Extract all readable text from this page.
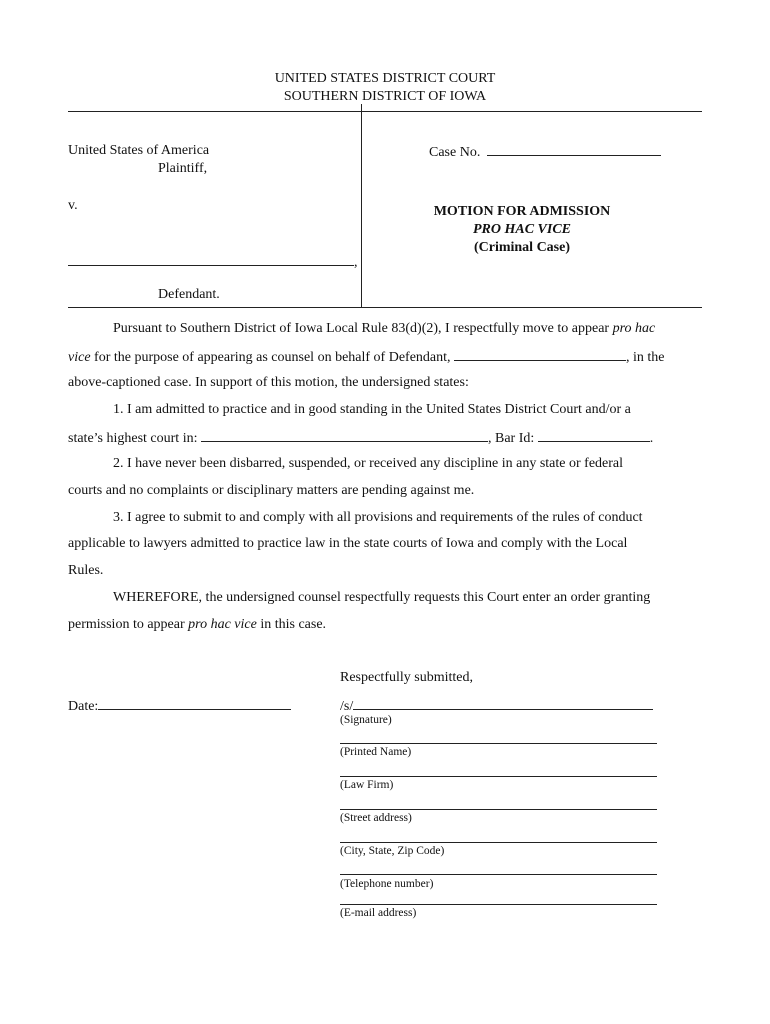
UNITED STATES DISTRICT COURT
SOUTHERN DISTRICT OF IOWA
United States of America
Plaintiff,
v.
,
Defendant.
Case No.
MOTION FOR ADMISSION
PRO HAC VICE
(Criminal Case)
Pursuant to Southern District of Iowa Local Rule 83(d)(2), I respectfully move to appear pro hac
vice for the purpose of appearing as counsel on behalf of Defendant,	, in the
above-captioned case. In support of this motion, the undersigned states:
1. I am admitted to practice and in good standing in the United States District Court and/or a
state’s highest court in:	, Bar Id:	.
2. I have never been disbarred, suspended, or received any discipline in any state or federal
courts and no complaints or disciplinary matters are pending against me.
3. I agree to submit to and comply with all provisions and requirements of the rules of conduct
applicable to lawyers admitted to practice law in the state courts of Iowa and comply with the Local
Rules.
WHEREFORE, the undersigned counsel respectfully requests this Court enter an order granting
permission to appear pro hac vice in this case.
Respectfully submitted,
Date:	/s/
(Signature)
(Printed Name)
(Law Firm)
(Street address)
(City, State, Zip Code)
(Telephone number)
(E-mail address)
